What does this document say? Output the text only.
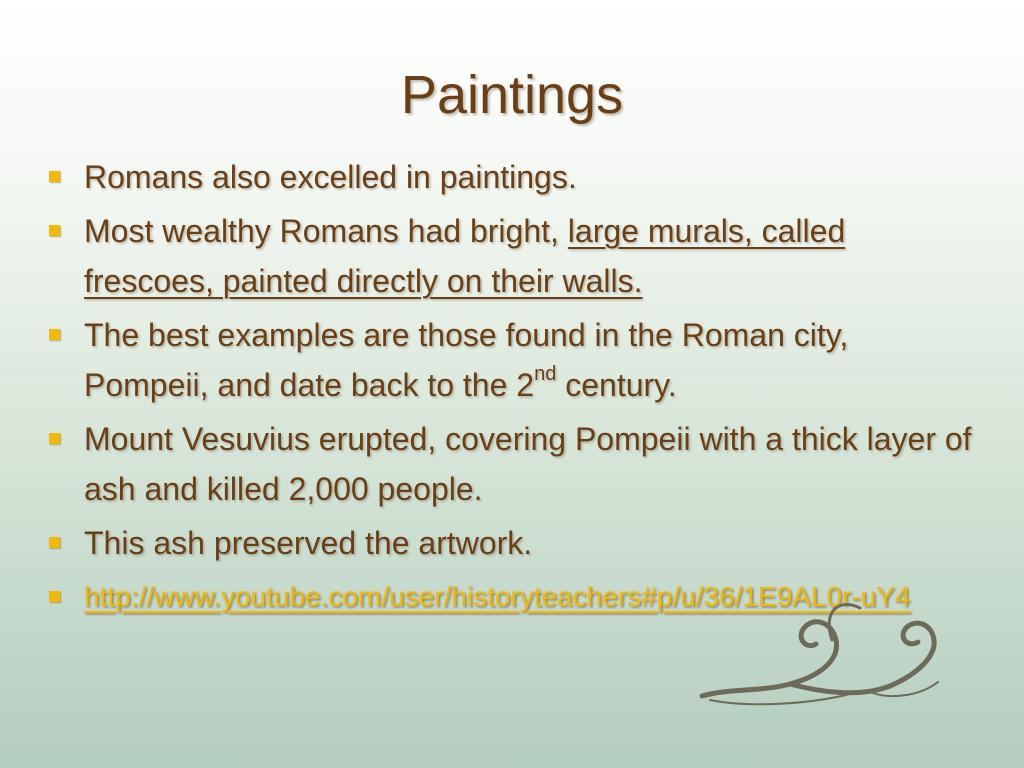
Paintings
Romans also excelled in paintings.
Most wealthy Romans had bright, large murals, called frescoes, painted directly on their walls.
The best examples are those found in the Roman city, Pompeii, and date back to the 2nd century.
Mount Vesuvius erupted, covering Pompeii with a thick layer of ash and killed 2,000 people.
This ash preserved the artwork.
http://www.youtube.com/user/historyteachers#p/u/36/1E9AL0r-uY4
